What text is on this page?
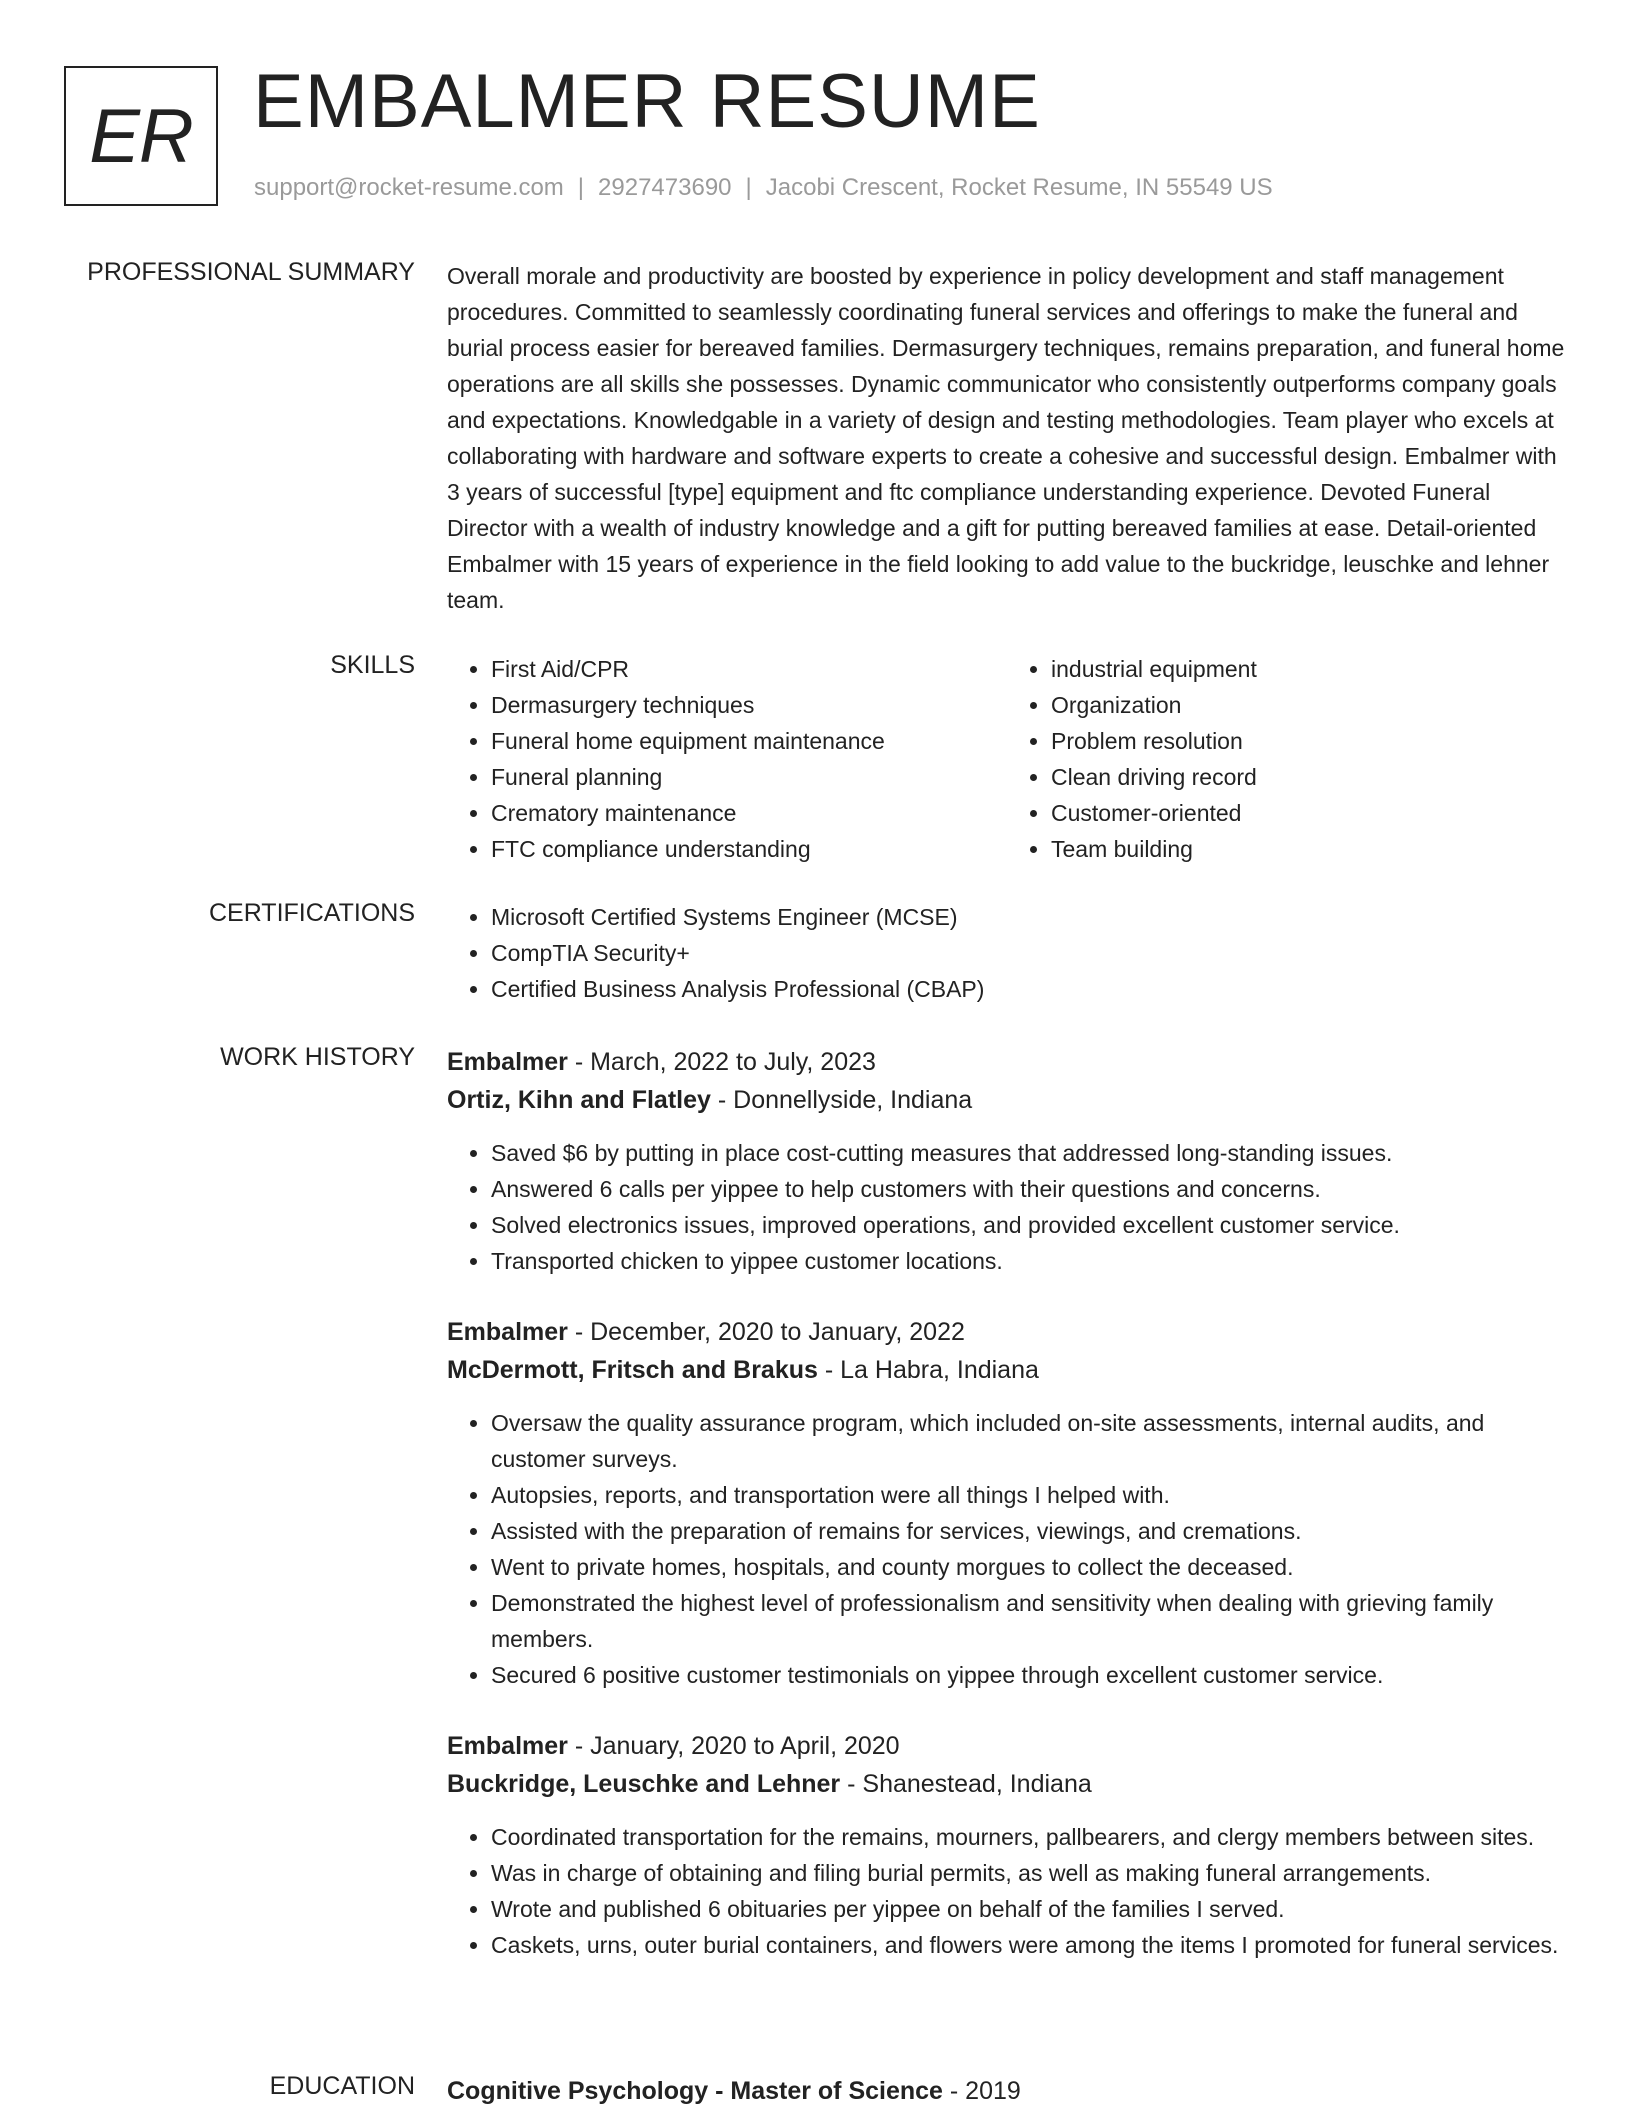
ER EMBALMER RESUME
support@rocket-resume.com | 2927473690 | Jacobi Crescent, Rocket Resume, IN 55549 US
PROFESSIONAL SUMMARY Overall morale and productivity are boosted by experience in policy development and staff management procedures. Committed to seamlessly coordinating funeral services and offerings to make the funeral and burial process easier for bereaved families. Dermasurgery techniques, remains preparation, and funeral home operations are all skills she possesses. Dynamic communicator who consistently outperforms company goals and expectations. Knowledgable in a variety of design and testing methodologies. Team player who excels at collaborating with hardware and software experts to create a cohesive and successful design. Embalmer with 3 years of successful [type] equipment and ftc compliance understanding experience. Devoted Funeral Director with a wealth of industry knowledge and a gift for putting bereaved families at ease. Detail-oriented Embalmer with 15 years of experience in the field looking to add value to the buckridge, leuschke and lehner team.

SKILLS	• First Aid/CPR
• Dermasurgery techniques
• Funeral home equipment maintenance
• Funeral planning
• Crematory maintenance
• FTC compliance understanding
• industrial equipment
• Organization
• Problem resolution
• Clean driving record
• Customer-oriented
• Team building
CERTIFICATIONS	• Microsoft Certified Systems Engineer (MCSE)
• CompTIA Security+
• Certified Business Analysis Professional (CBAP)
WORK HISTORY Embalmer - March, 2022 to July, 2023
Ortiz, Kihn and Flatley - Donnellyside, Indiana
• Saved $6 by putting in place cost-cutting measures that addressed long-standing issues.
• Answered 6 calls per yippee to help customers with their questions and concerns.
• Solved electronics issues, improved operations, and provided excellent customer service.
• Transported chicken to yippee customer locations.
Embalmer - December, 2020 to January, 2022
McDermott, Fritsch and Brakus - La Habra, Indiana
• Oversaw the quality assurance program, which included on-site assessments, internal audits, and customer surveys.
• Autopsies, reports, and transportation were all things I helped with.
• Assisted with the preparation of remains for services, viewings, and cremations.
• Went to private homes, hospitals, and county morgues to collect the deceased.
• Demonstrated the highest level of professionalism and sensitivity when dealing with grieving family members.
• Secured 6 positive customer testimonials on yippee through excellent customer service.
Embalmer - January, 2020 to April, 2020
Buckridge, Leuschke and Lehner - Shanestead, Indiana
• Coordinated transportation for the remains, mourners, pallbearers, and clergy members between sites.
• Was in charge of obtaining and filing burial permits, as well as making funeral arrangements.
• Wrote and published 6 obituaries per yippee on behalf of the families I served.
• Caskets, urns, outer burial containers, and flowers were among the items I promoted for funeral services.
EDUCATION Cognitive Psychology - Master of Science - 2019
